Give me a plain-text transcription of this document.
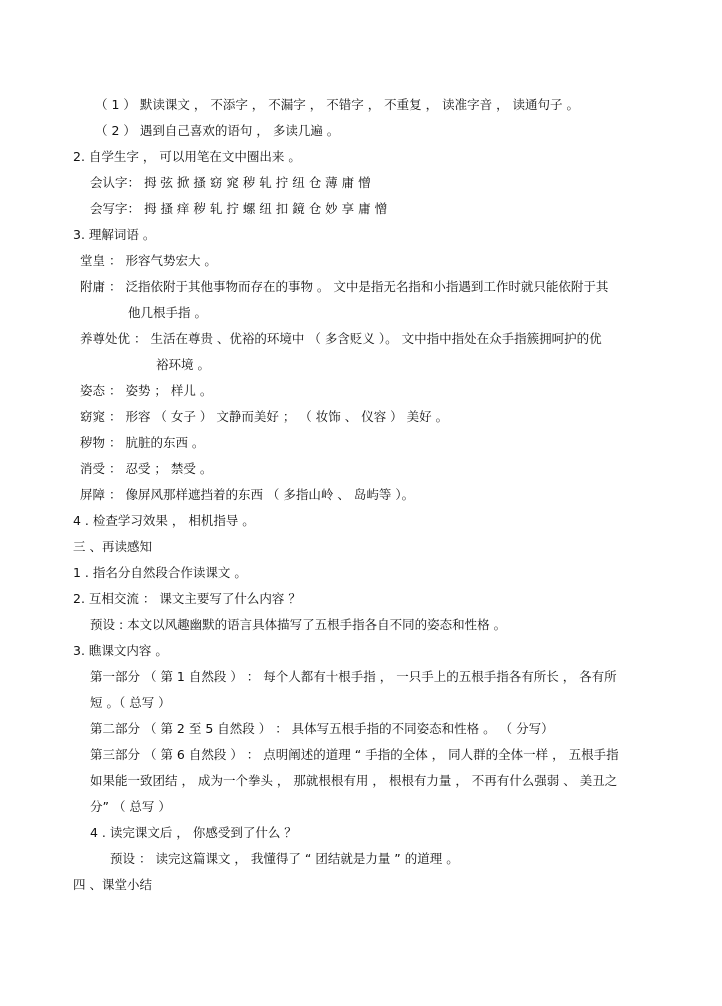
（ 1 ） 默读课文 ， 不添字 ， 不漏字 ， 不错字 ， 不重复 ， 读准字音 ， 读通句子 。
（ 2 ） 遇到自己喜欢的语句 ， 多读几遍 。
2. 自学生字 ， 可以用笔在文中圈出来 。
会认字： 拇 弦 掀 搔 窈 窕 秽 轧 拧 纽 仓 薄 庸 憎
会写字： 拇 搔 痒 秽 轧 拧 螺 纽 扣 鏡 仓 妙 享 庸 憎
3. 理解词语 。
堂皇 ： 形容气势宏大 。
附庸 ： 泛指依附于其他事物而存在的事物 。 文中是指无名指和小指遇到工作时就只能依附于其
他几根手指 。
养尊处优 ： 生活在尊贵 、优裕的环境中 （ 多含贬义 ）。 文中指中指处在众手指簇拥呵护的优
裕环境 。
姿态 ： 姿势 ； 样儿 。
窈窕 ： 形容 （ 女子 ） 文静而美好 ； （ 妆饰 、 仪容 ） 美好 。
秽物 ： 肮脏的东西 。
消受 ： 忍受 ； 禁受 。
屏障 ： 像屏风那样遮挡着的东西 （ 多指山岭 、 岛屿等 ）。
4 . 检查学习效果 ， 相机指导 。
三 、再读感知
1 . 指名分自然段合作读课文 。
2. 互相交流 ： 课文主要写了什么内容 ？
预设 : 本文以风趣幽默的语言具体描写了五根手指各自不同的姿态和性格 。
3. 瞧课文内容 。
第一部分 （ 第 1 自然段 ） ： 每个人都有十根手指 ， 一只手上的五根手指各有所长 ， 各有所
短 。（ 总写 ）
第二部分 （ 第 2 至 5 自然段 ） ： 具体写五根手指的不同姿态和性格 。 （ 分写）
第三部分 （ 第 6 自然段 ） ： 点明阐述的道理 “ 手指的全体 ， 同人群的全体一样 ， 五根手指
如果能一致团结 ， 成为一个拳头 ， 那就根根有用 ， 根根有力量 ， 不再有什么强弱 、 美丑之
分” （ 总写 ）
4 . 读完课文后 ， 你感受到了什么 ？
预设 ： 读完这篇课文 ， 我懂得了 “ 团结就是力量 ” 的道理 。
四 、课堂小结
